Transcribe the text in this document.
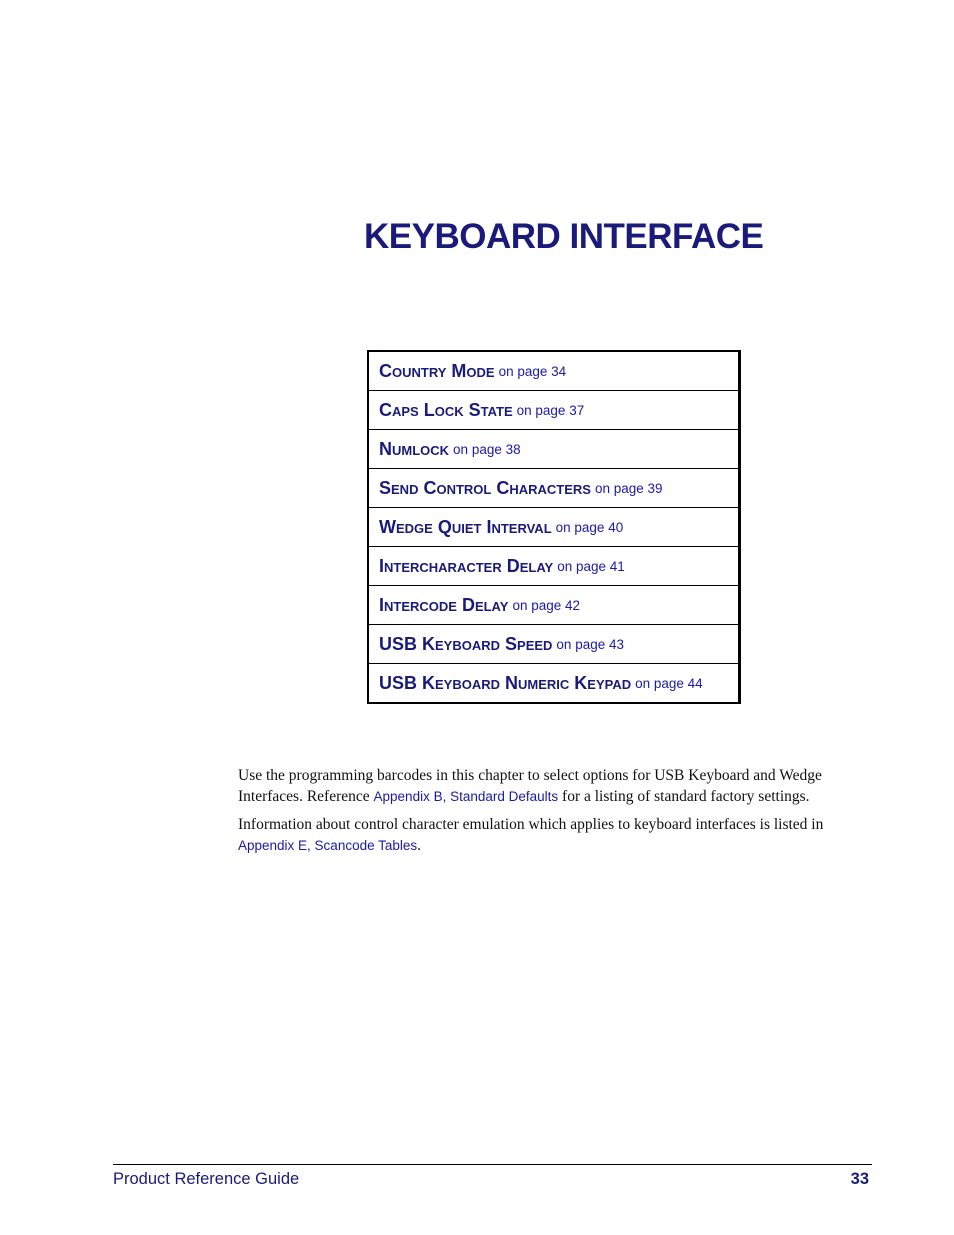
KEYBOARD INTERFACE
Country Mode on page 34
Caps Lock State on page 37
Numlock on page 38
Send Control Characters on page 39
Wedge Quiet Interval on page 40
Intercharacter Delay on page 41
Intercode Delay on page 42
USB Keyboard Speed on page 43
USB Keyboard Numeric Keypad on page 44

Use the programming barcodes in this chapter to select options for USB Keyboard and Wedge Interfaces. Reference Appendix B, Standard Defaults for a listing of standard factory settings.

Information about control character emulation which applies to keyboard interfaces is listed in Appendix E, Scancode Tables.

Product Reference Guide	33
